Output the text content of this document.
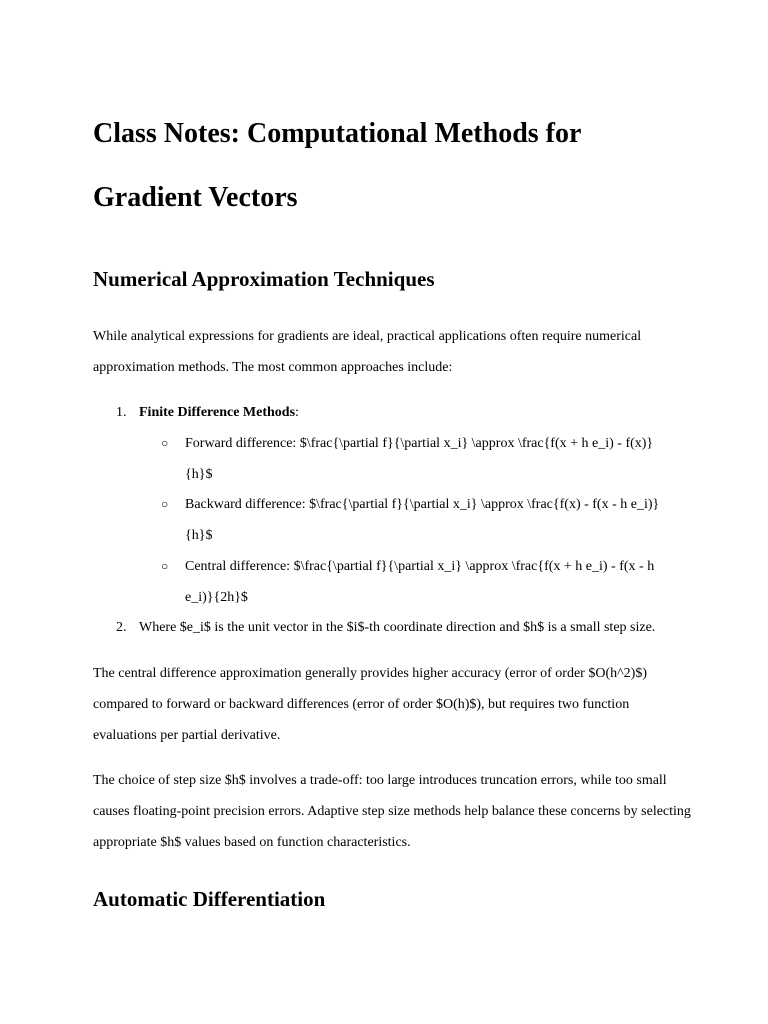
Class Notes: Computational Methods for Gradient Vectors
Numerical Approximation Techniques

While analytical expressions for gradients are ideal, practical applications often require numerical approximation methods. The most common approaches include:

1. Finite Difference Methods:
○ Forward difference: $\frac{\partial f}{\partial x_i} \approx \frac{f(x + h e_i) - f(x)}{h}$
○ Backward difference: $\frac{\partial f}{\partial x_i} \approx \frac{f(x) - f(x - h e_i)}{h}$
○ Central difference: $\frac{\partial f}{\partial x_i} \approx \frac{f(x + h e_i) - f(x - h e_i)}{2h}$
2. Where $e_i$ is the unit vector in the $i$-th coordinate direction and $h$ is a small step size.

The central difference approximation generally provides higher accuracy (error of order $O(h^2)$) compared to forward or backward differences (error of order $O(h)$), but requires two function evaluations per partial derivative.

The choice of step size $h$ involves a trade-off: too large introduces truncation errors, while too small causes floating-point precision errors. Adaptive step size methods help balance these concerns by selecting appropriate $h$ values based on function characteristics.

Automatic Differentiation
